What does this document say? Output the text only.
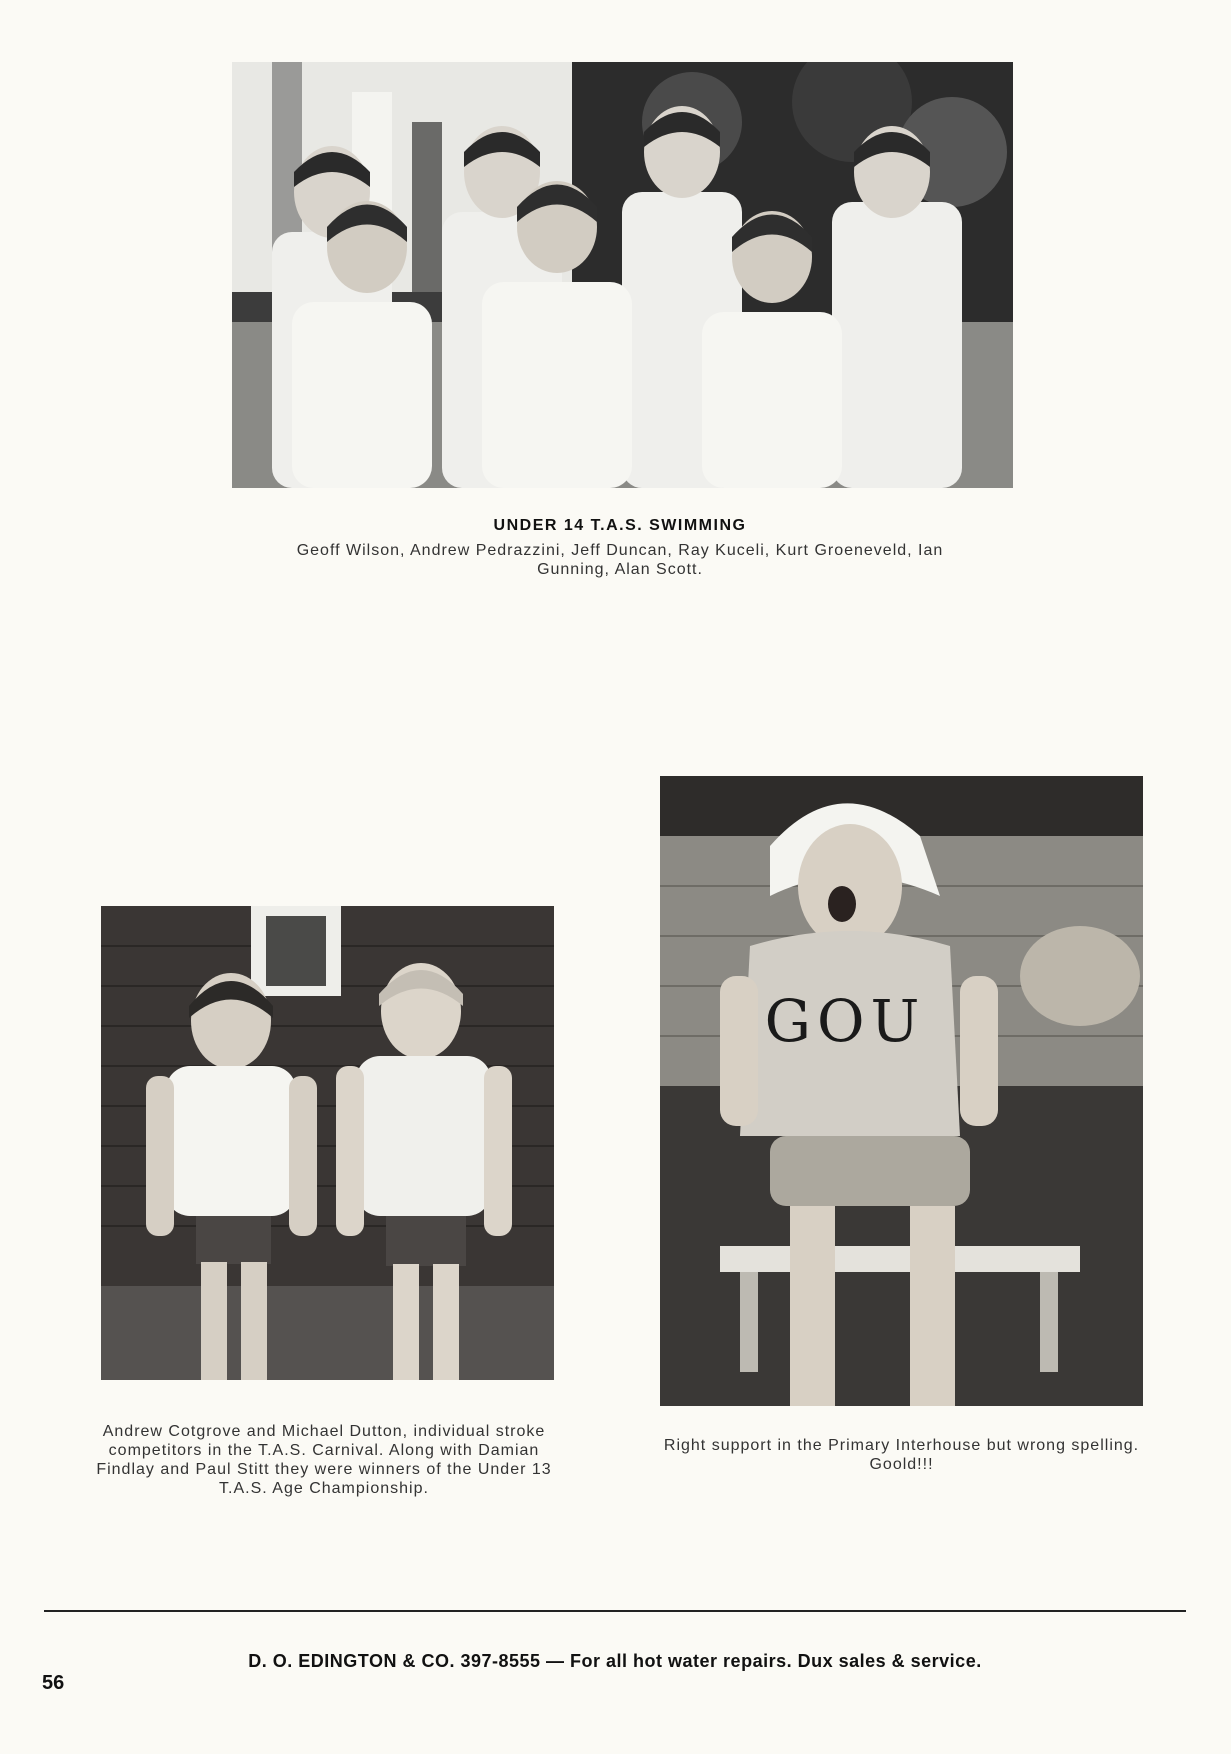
UNDER 14 T.A.S. SWIMMING
Geoff Wilson, Andrew Pedrazzini, Jeff Duncan, Ray Kuceli, Kurt Groeneveld, Ian Gunning, Alan Scott.
Andrew Cotgrove and Michael Dutton, individual stroke competitors in the T.A.S. Carnival. Along with Damian Findlay and Paul Stitt they were winners of the Under 13 T.A.S. Age Championship.
GOU
Right support in the Primary Interhouse but wrong spelling. Goold!!!
D. O. EDINGTON & CO. 397-8555 — For all hot water repairs. Dux sales & service.
56
